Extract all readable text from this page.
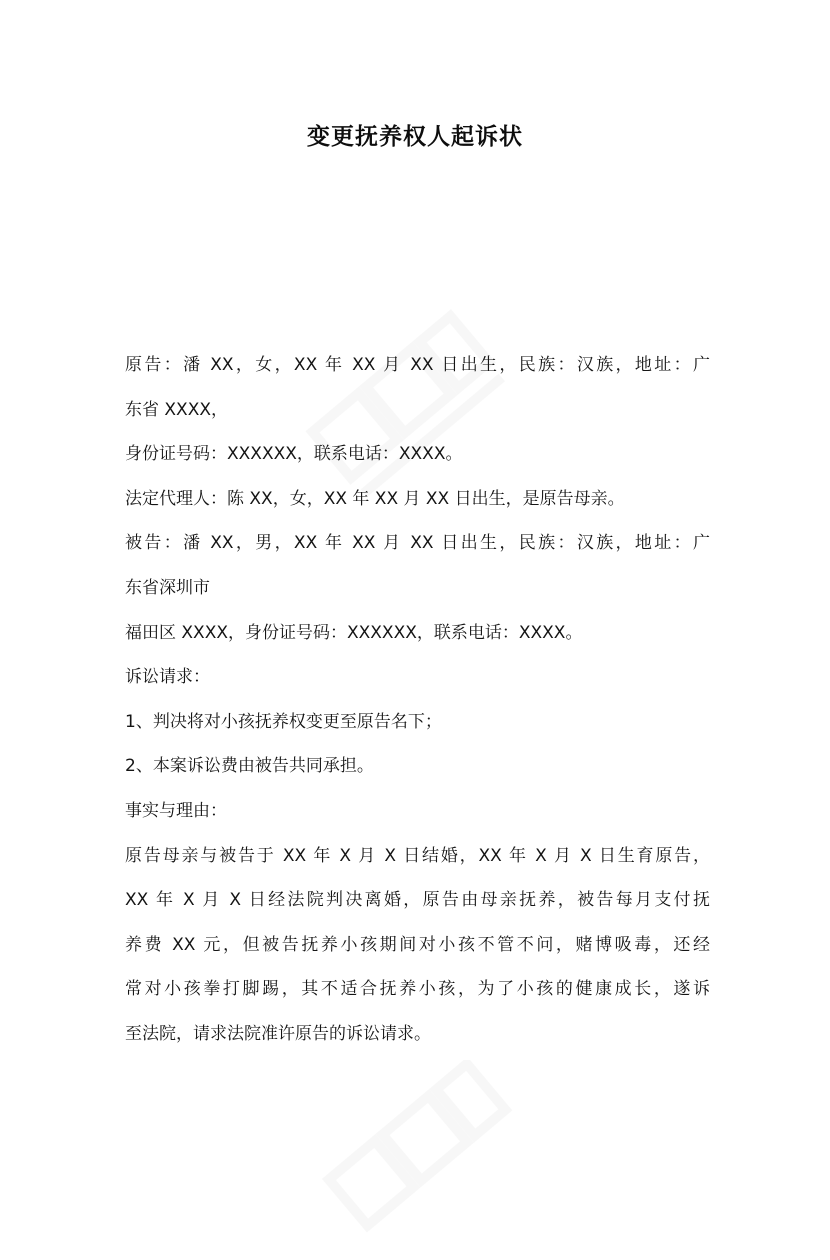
变更抚养权人起诉状
原告：潘 XX，女，XX 年 XX 月 XX 日出生，民族：汉族，地址：广
东省 XXXX，
身份证号码：XXXXXX，联系电话：XXXX。
法定代理人：陈 XX，女，XX 年 XX 月 XX 日出生，是原告母亲。
被告：潘 XX，男，XX 年 XX 月 XX 日出生，民族：汉族，地址：广
东省深圳市
福田区 XXXX，身份证号码：XXXXXX，联系电话：XXXX。
诉讼请求：
1、判决将对小孩抚养权变更至原告名下；
2、本案诉讼费由被告共同承担。
事实与理由：
原告母亲与被告于 XX 年 X 月 X 日结婚，XX 年 X 月 X 日生育原告，
XX 年 X 月 X 日经法院判决离婚，原告由母亲抚养，被告每月支付抚
养费 XX 元，但被告抚养小孩期间对小孩不管不问，赌博吸毒，还经
常对小孩拳打脚踢，其不适合抚养小孩，为了小孩的健康成长，遂诉
至法院，请求法院准许原告的诉讼请求。
